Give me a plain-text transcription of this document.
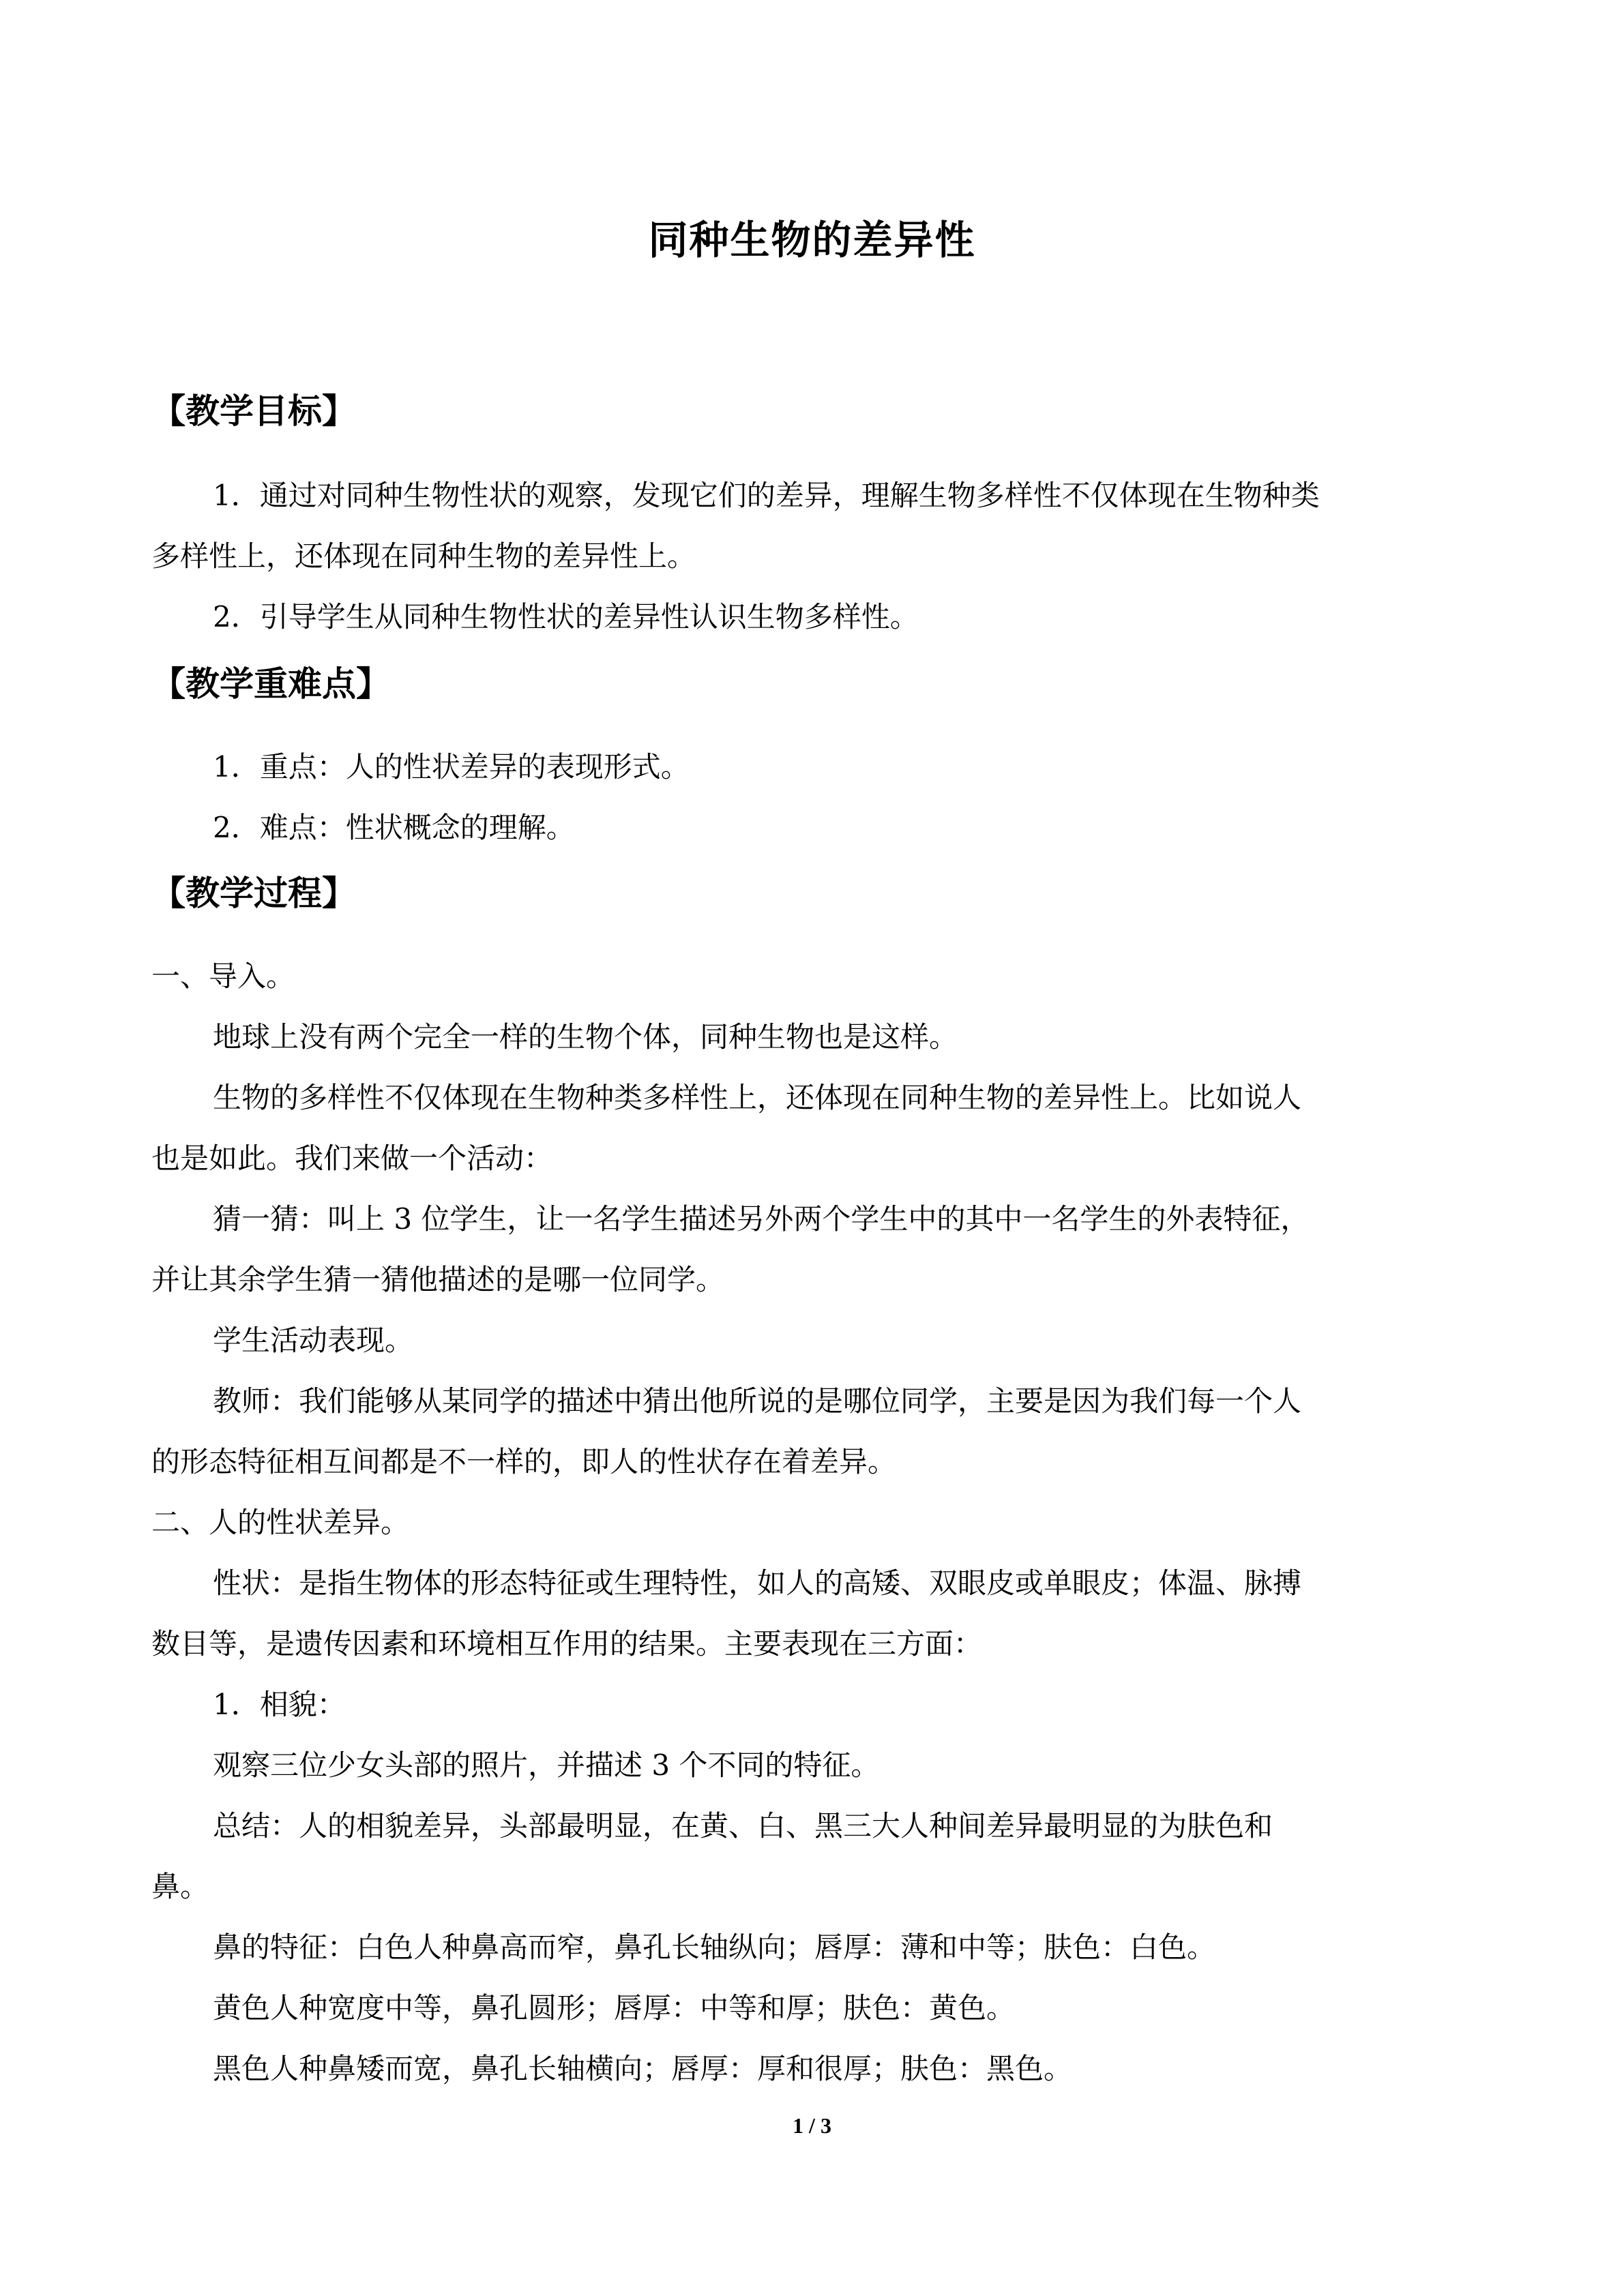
同种生物的差异性
【教学目标】
1．通过对同种生物性状的观察，发现它们的差异，理解生物多样性不仅体现在生物种类
多样性上，还体现在同种生物的差异性上。
2．引导学生从同种生物性状的差异性认识生物多样性。
【教学重难点】
1．重点：人的性状差异的表现形式。
2．难点：性状概念的理解。
【教学过程】
一、导入。
地球上没有两个完全一样的生物个体，同种生物也是这样。
生物的多样性不仅体现在生物种类多样性上，还体现在同种生物的差异性上。比如说人
也是如此。我们来做一个活动：
猜一猜：叫上 3 位学生，让一名学生描述另外两个学生中的其中一名学生的外表特征，
并让其余学生猜一猜他描述的是哪一位同学。
学生活动表现。
教师：我们能够从某同学的描述中猜出他所说的是哪位同学，主要是因为我们每一个人
的形态特征相互间都是不一样的，即人的性状存在着差异。
二、人的性状差异。
性状：是指生物体的形态特征或生理特性，如人的高矮、双眼皮或单眼皮；体温、脉搏
数目等，是遗传因素和环境相互作用的结果。主要表现在三方面：
1．相貌：
观察三位少女头部的照片，并描述 3 个不同的特征。
总结：人的相貌差异，头部最明显，在黄、白、黑三大人种间差异最明显的为肤色和
鼻。
鼻的特征：白色人种鼻高而窄，鼻孔长轴纵向；唇厚：薄和中等；肤色：白色。
黄色人种宽度中等，鼻孔圆形；唇厚：中等和厚；肤色：黄色。
黑色人种鼻矮而宽，鼻孔长轴横向；唇厚：厚和很厚；肤色：黑色。
1 / 3
